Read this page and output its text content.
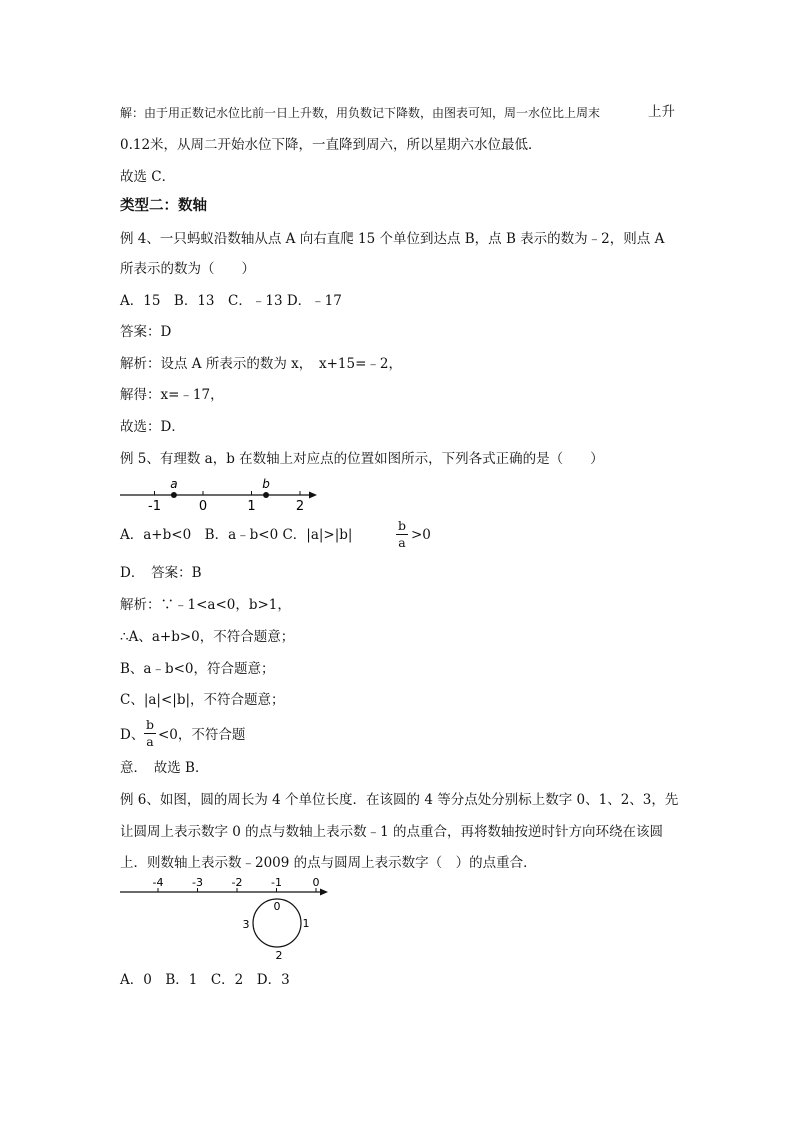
解：由于用正数记水位比前一日上升数，用负数记下降数，由图表可知，周一水位比上周末	上升
0.12米，从周二开始水位下降，一直降到周六，所以星期六水位最低．
故选 C．
类型二：数轴
例 4、一只蚂蚁沿数轴从点 A 向右直爬 15 个单位到达点 B，点 B 表示的数为﹣2，则点 A
所表示的数为（　　）
A．15　B．13　C．﹣13 D．﹣17
答案：D
解析：设点 A 所表示的数为 x，　x+15=﹣2，
解得：x=﹣17，
故选：D．
例 5、有理数 a，b 在数轴上对应点的位置如图所示，下列各式正确的是（　　）
-1	0	1	2
a	b
A．a+b<0　B．a﹣b<0 C．|a|>|b|
b
a >0
D．　答案：B
解析：∵﹣1<a<0，b>1，
∴A、a+b>0，不符合题意；
B、a﹣b<0，符合题意；
C、|a|<|b|，不符合题意；
D、
b
a <0，不符合题
意．　故选 B．
例 6、如图，圆的周长为 4 个单位长度．在该圆的 4 等分点处分别标上数字 0、1、2、3，先
让圆周上表示数字 0 的点与数轴上表示数﹣1 的点重合，再将数轴按逆时针方向环绕在该圆
上．则数轴上表示数﹣2009 的点与圆周上表示数字（　）的点重合．
-4	-3	-2	-1	0
0
1
2
3
A．0　B．1　C．2　D．3
